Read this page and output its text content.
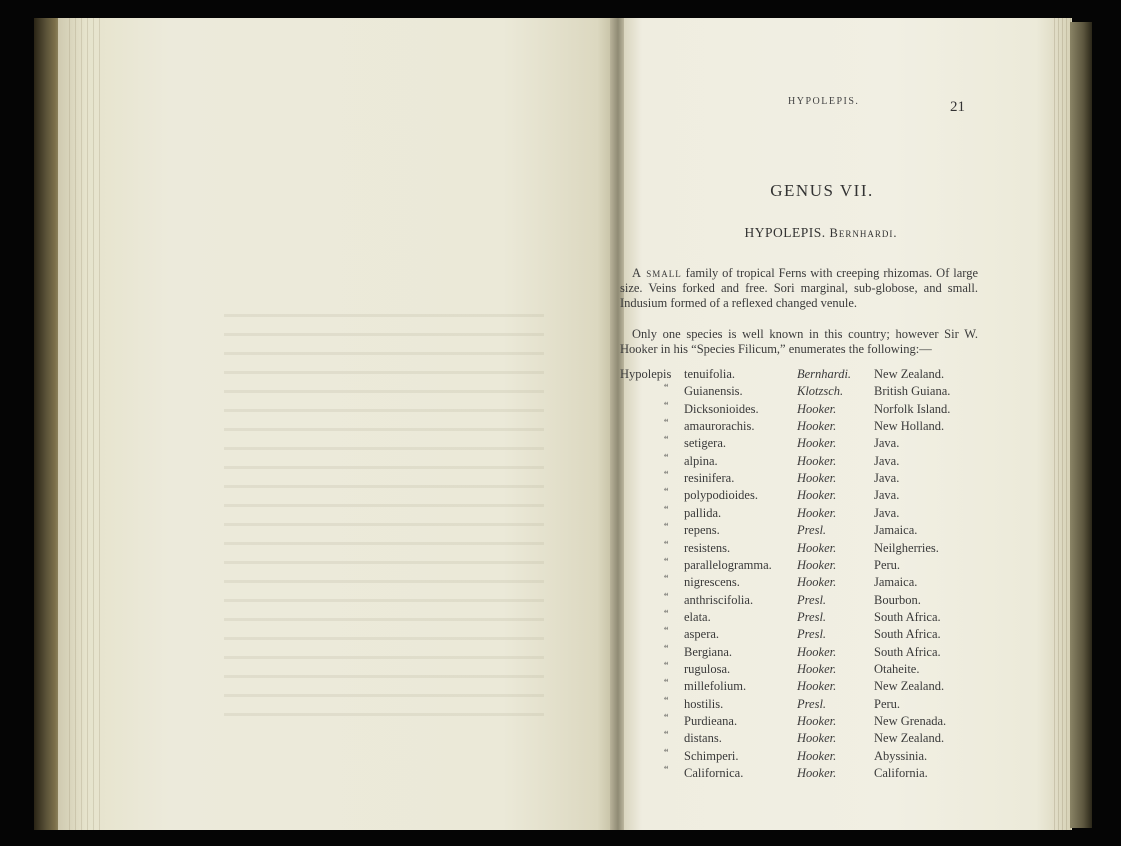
HYPOLEPIS.	21
GENUS VII.
HYPOLEPIS. Bernhardi.
A small family of tropical Ferns with creeping rhizomas. Of large size. Veins forked and free. Sori marginal, sub-globose, and small. Indusium formed of a reflexed changed venule.
Only one species is well known in this country; however Sir W. Hooker in his “Species Filicum,” enumerates the following:—
Hypolepis tenuifolia.	Bernhardi. New Zealand.
“ Guianensis.	Klotzsch. British Guiana.
“ Dicksonioides.	Hooker.	Norfolk Island.
“ amaurorachis.	Hooker.	New Holland.
“ setigera.	Hooker.	Java.
“ alpina.	Hooker.	Java.
“ resinifera.	Hooker.	Java.
“ polypodioides.	Hooker.	Java.
“ pallida.	Hooker.	Java.
“ repens.	Presl.	Jamaica.
“ resistens.	Hooker.	Neilgherries.
“ parallelogramma. Hooker.	Peru.
“ nigrescens.	Hooker.	Jamaica.
“ anthriscifolia.	Presl.	Bourbon.
“ elata.	Presl.	South Africa.
“ aspera.	Presl.	South Africa.
“ Bergiana.	Hooker.	South Africa.
“ rugulosa.	Hooker.	Otaheite.
“ millefolium.	Hooker.	New Zealand.
“ hostilis.	Presl.	Peru.
“ Purdieana.	Hooker.	New Grenada.
“ distans.	Hooker.	New Zealand.
“ Schimperi.	Hooker.	Abyssinia.
“ Californica.	Hooker.	California.
